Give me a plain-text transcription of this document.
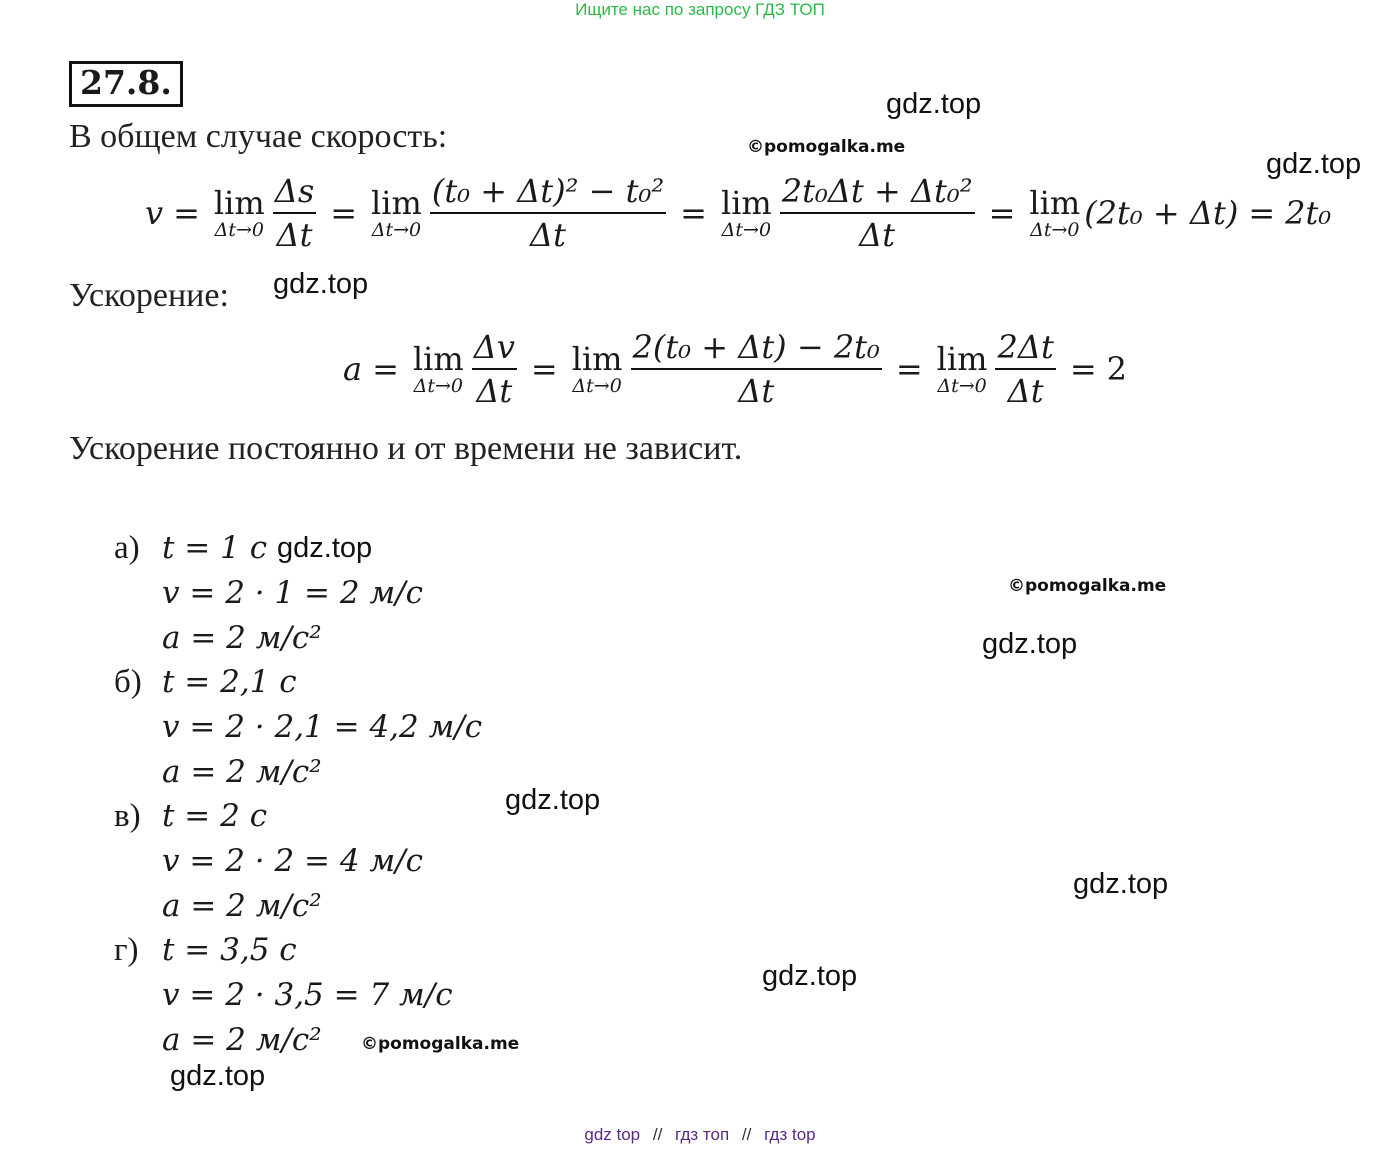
Ищите нас по запросу ГДЗ ТОП
27.8.
В общем случае скорость:
gdz.top
©pomogalka.me
gdz.top
v = lim
$\Delta t\to 0 \frac{\Delta s}{\Delta t} = \lim$
$\Delta t\to 0 \frac{\text{(t₀ + Δt)² − t₀²}}{\Delta t} = \lim$
$\Delta t\to 0 \frac{\text{2t₀Δt + Δt₀²}}{\Delta t} = \lim$
Δt→0 (2t₀ + Δt) = 2t₀
Ускорение: gdz.top
a = lim
$\Delta t\to 0 \frac{\Delta v}{\Delta t} = \lim$
$\Delta t\to 0 \frac{\text{2(t₀ + Δt) − 2t₀}}{\Delta t} = \lim$
$\Delta t\to 0 \frac{2\Delta t}{\Delta t} = 2$
Ускорение постоянно и от времени не зависит.
а) t = 1 с gdz.top
v = 2 · 1 = 2 м/с
a = 2 м/с²
б) t = 2,1 с
v = 2 · 2,1 = 4,2 м/с
a = 2 м/с²
в) t = 2 с
v = 2 · 2 = 4 м/с
a = 2 м/с²
г) t = 3,5 с
v = 2 · 3,5 = 7 м/с
a = 2 м/с²
©pomogalka.me
gdz.top
gdz.top
gdz.top
gdz.top
©pomogalka.me
gdz.top
gdz top // гдз топ // гдз top
